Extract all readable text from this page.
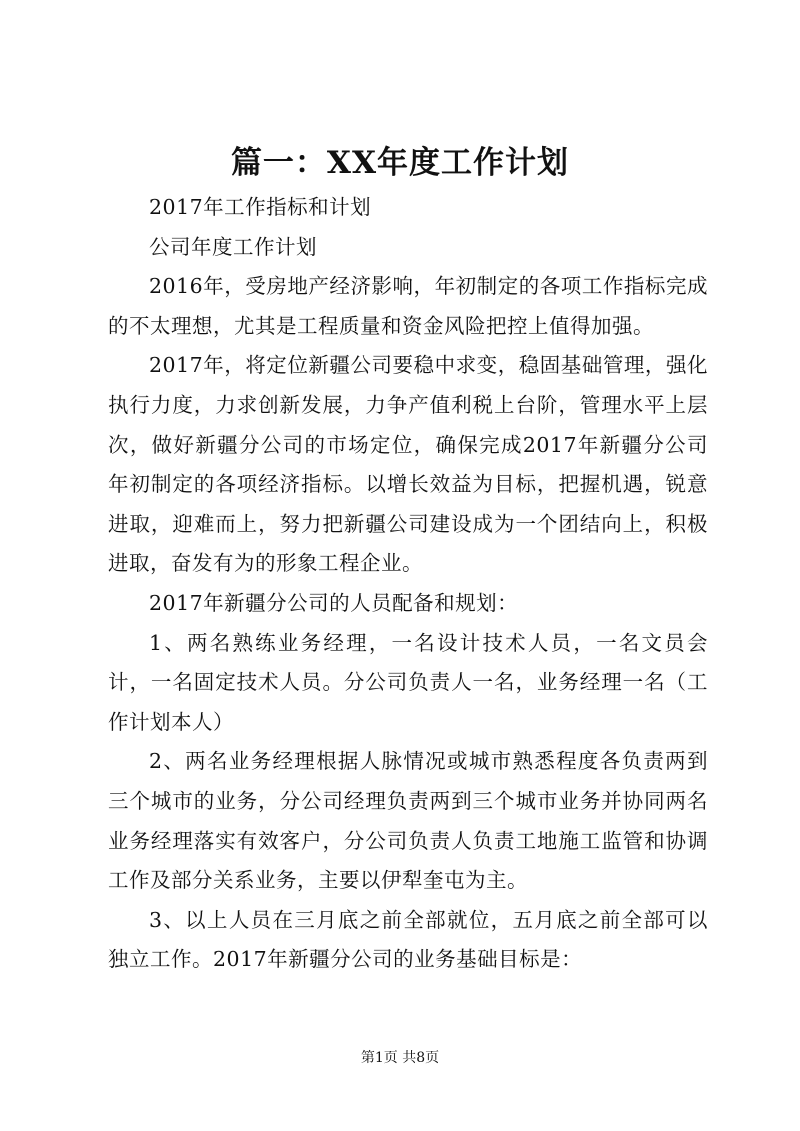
篇一：XX年度工作计划

2017年工作指标和计划

公司年度工作计划

2016年，受房地产经济影响，年初制定的各项工作指标完成的不太理想，尤其是工程质量和资金风险把控上值得加强。

2017年，将定位新疆公司要稳中求变，稳固基础管理，强化执行力度，力求创新发展，力争产值利税上台阶，管理水平上层次，做好新疆分公司的市场定位，确保完成2017年新疆分公司年初制定的各项经济指标。以增长效益为目标，把握机遇，锐意进取，迎难而上，努力把新疆公司建设成为一个团结向上，积极进取，奋发有为的形象工程企业。

2017年新疆分公司的人员配备和规划：

1、两名熟练业务经理，一名设计技术人员，一名文员会计，一名固定技术人员。分公司负责人一名，业务经理一名（工作计划本人）

2、两名业务经理根据人脉情况或城市熟悉程度各负责两到三个城市的业务，分公司经理负责两到三个城市业务并协同两名业务经理落实有效客户，分公司负责人负责工地施工监管和协调工作及部分关系业务，主要以伊犁奎屯为主。

3、以上人员在三月底之前全部就位，五月底之前全部可以独立工作。2017年新疆分公司的业务基础目标是：

第1页 共8页
